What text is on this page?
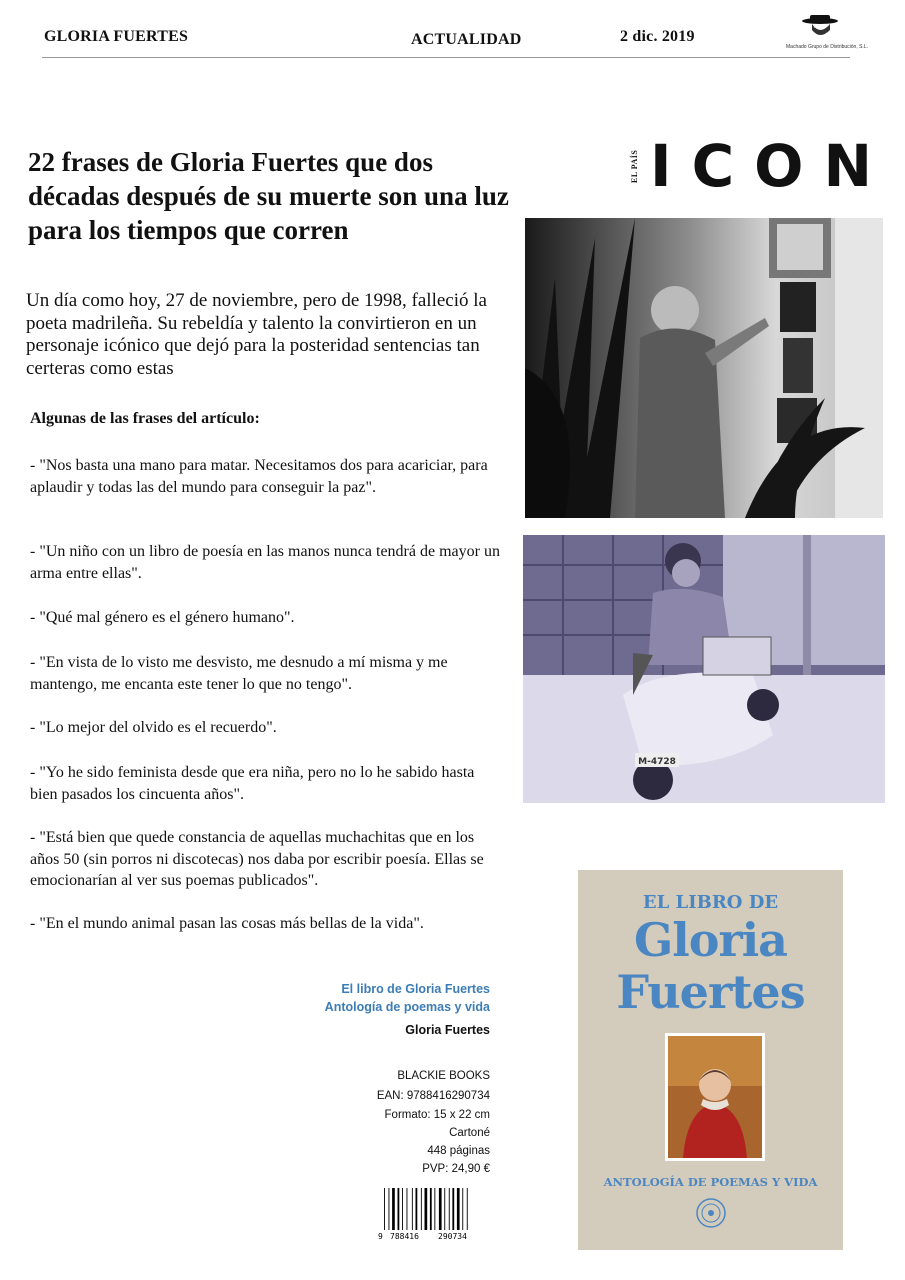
GLORIA FUERTES	ACTUALIDAD	2 dic. 2019
Machado Grupo de Distribución, S.L.
22 frases de Gloria Fuertes que dos décadas después de su muerte son una luz para los tiempos que corren

Un día como hoy, 27 de noviembre, pero de 1998, falleció la poeta madrileña. Su rebeldía y talento la convirtieron en un personaje icónico que dejó para la posteridad sentencias tan certeras como estas

Algunas de las frases del artículo:

- "Nos basta una mano para matar. Necesitamos dos para acariciar, para aplaudir y todas las del mundo para conseguir la paz".

- "Un niño con un libro de poesía en las manos nunca tendrá de mayor un arma entre ellas".

- "Qué mal género es el género humano".

- "En vista de lo visto me desvisto, me desnudo a mí misma y me mantengo, me encanta este tener lo que no tengo".

- "Lo mejor del olvido es el recuerdo".

- "Yo he sido feminista desde que era niña, pero no lo he sabido hasta bien pasados los cincuenta años".

- "Está bien que quede constancia de aquellas muchachitas que en los años 50 (sin porros ni discotecas) nos daba por escribir poesía. Ellas se emocionarían al ver sus poemas publicados".

- "En el mundo animal pasan las cosas más bellas de la vida".

EL PAÍS ICON
M-4728
El libro de Gloria Fuertes
Antología de poemas y vida
Gloria Fuertes
BLACKIE BOOKS
EAN: 9788416290734
Formato: 15 x 22 cm
Cartoné
448 páginas
PVP: 24,90 €
9 788416 290734
EL LIBRO DE
Gloria
Fuertes
ANTOLOGÍA DE POEMAS Y VIDA
